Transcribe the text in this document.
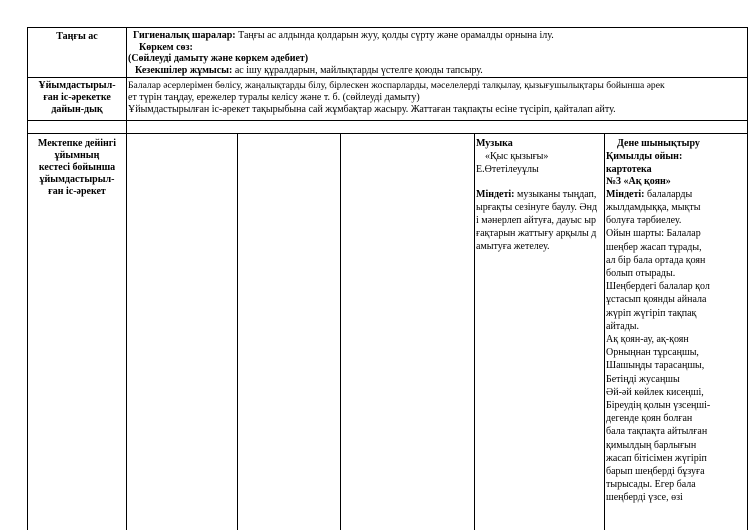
Таңғы ас	Гигиеналық шаралар: Таңғы ас алдында қолдарын жуу, қолды сүрту және орамалды орнына ілу.
Көркем сөз:
(Сөйлеуді дамыту және көркем әдебиет)
Кезекшілер жұмысы: ас ішу құралдарын, майлықтарды үстелге қоюды тапсыру.
Ұйымдастырыл-
ған іс-әрекетке
дайын-дық
Балалар әсерлерімен бөлісу, жаңалықтарды білу, бірлескен жоспарларды, мәселелерді талқылау, қызығушылықтары бойынша әрек
ет түрін таңдау, ережелер туралы келісу және т. б. (сөйлеуді дамыту)
Ұйымдастырылған іс-әрекет тақырыбына сай жұмбақтар жасыру. Жаттаған тақпақты есіне түсіріп, қайталап айту.
Мектепке дейінгі
ұйымның
кестесі бойынша
ұйымдастырыл-
ған іс-әрекет
Музыка
«Қыс қызығы»
Е.Өтетілеуұлы
Міндеті: музыканы тыңдап,
ырғақты сезінуге баулу. Әнд
і мәнерлеп айтуға, дауыс ыр
ғақтарын жаттығу арқылы д
амытуға жетелеу.
Дене шынықтыру
Қимылды ойын:
картотека
№3 «Ақ қоян»
Міндеті: балаларды
жылдамдыққа, мықты
болуға тәрбиелеу.
Ойын шарты: Балалар
шеңбер жасап тұрады,
ал бір бала ортада қоян
болып отырады.
Шеңбердегі балалар қол
ұстасып қоянды айнала
жүріп жүгіріп тақпақ
айтады.
Ақ қоян-ау, ақ-қоян
Орныңнан тұрсаңшы,
Шашыңды тарасаңшы,
Бетіңді жусаңшы
Әй-әй көйлек кисеңші,
Біреудің қолын үзсеңші-
дегенде қоян болған
бала тақпақта айтылған
қимылдың барлығын
жасап бітісімен жүгіріп
барып шеңберді бұзуға
тырысады. Егер бала
шеңберді үзсе, өзі
